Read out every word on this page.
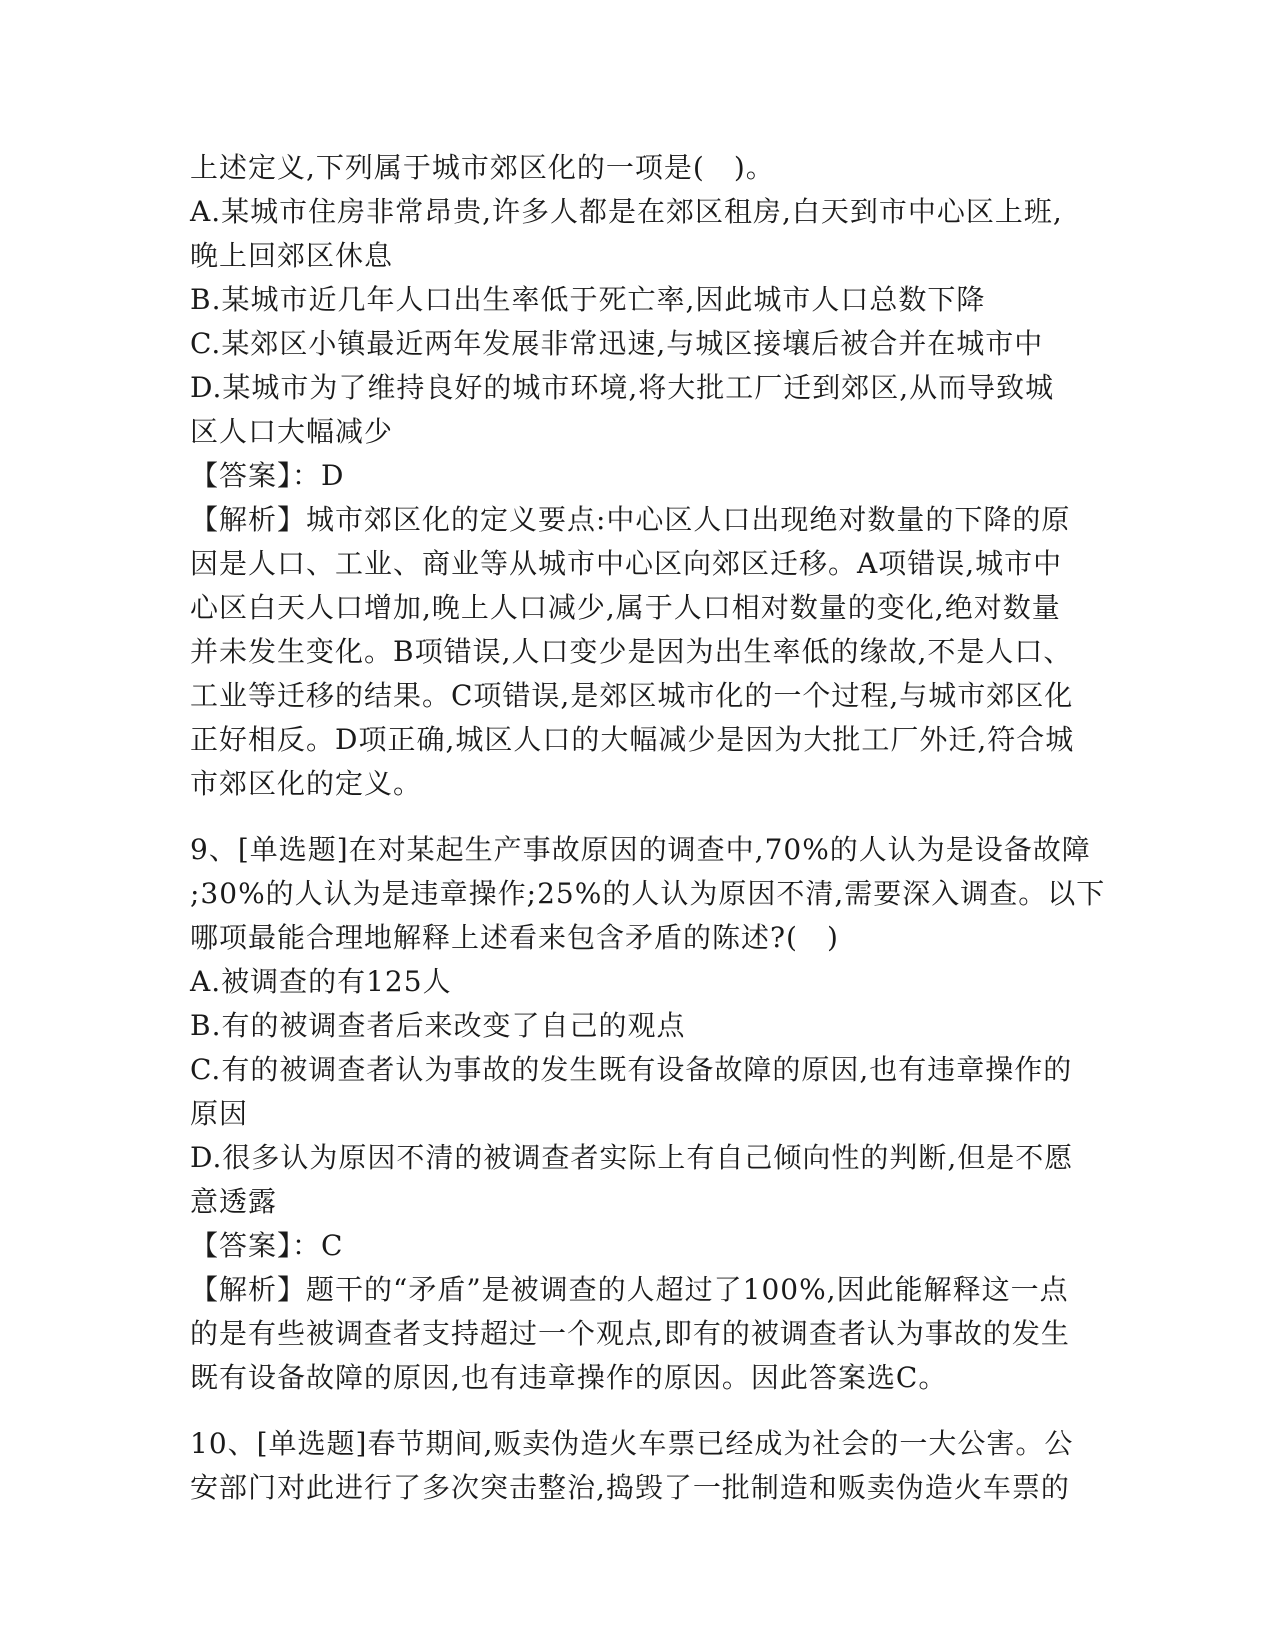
上述定义,下列属于城市郊区化的一项是(　)。

A.某城市住房非常昂贵,许多人都是在郊区租房,白天到市中心区上班,

晚上回郊区休息

B.某城市近几年人口出生率低于死亡率,因此城市人口总数下降

C.某郊区小镇最近两年发展非常迅速,与城区接壤后被合并在城市中

D.某城市为了维持良好的城市环境,将大批工厂迁到郊区,从而导致城

区人口大幅减少

【答案】：D

【解析】城市郊区化的定义要点:中心区人口出现绝对数量的下降的原

因是人口、工业、商业等从城市中心区向郊区迁移。A项错误,城市中

心区白天人口增加,晚上人口减少,属于人口相对数量的变化,绝对数量

并未发生变化。B项错误,人口变少是因为出生率低的缘故,不是人口、

工业等迁移的结果。C项错误,是郊区城市化的一个过程,与城市郊区化

正好相反。D项正确,城区人口的大幅减少是因为大批工厂外迁,符合城

市郊区化的定义。

9、[单选题]在对某起生产事故原因的调查中,70%的人认为是设备故障

;30%的人认为是违章操作;25%的人认为原因不清,需要深入调查。以下

哪项最能合理地解释上述看来包含矛盾的陈述?(　)

A.被调查的有125人

B.有的被调查者后来改变了自己的观点

C.有的被调查者认为事故的发生既有设备故障的原因,也有违章操作的

原因

D.很多认为原因不清的被调查者实际上有自己倾向性的判断,但是不愿

意透露

【答案】：C

【解析】题干的“矛盾”是被调查的人超过了100%,因此能解释这一点

的是有些被调查者支持超过一个观点,即有的被调查者认为事故的发生

既有设备故障的原因,也有违章操作的原因。因此答案选C。

10、[单选题]春节期间,贩卖伪造火车票已经成为社会的一大公害。公

安部门对此进行了多次突击整治,捣毁了一批制造和贩卖伪造火车票的
